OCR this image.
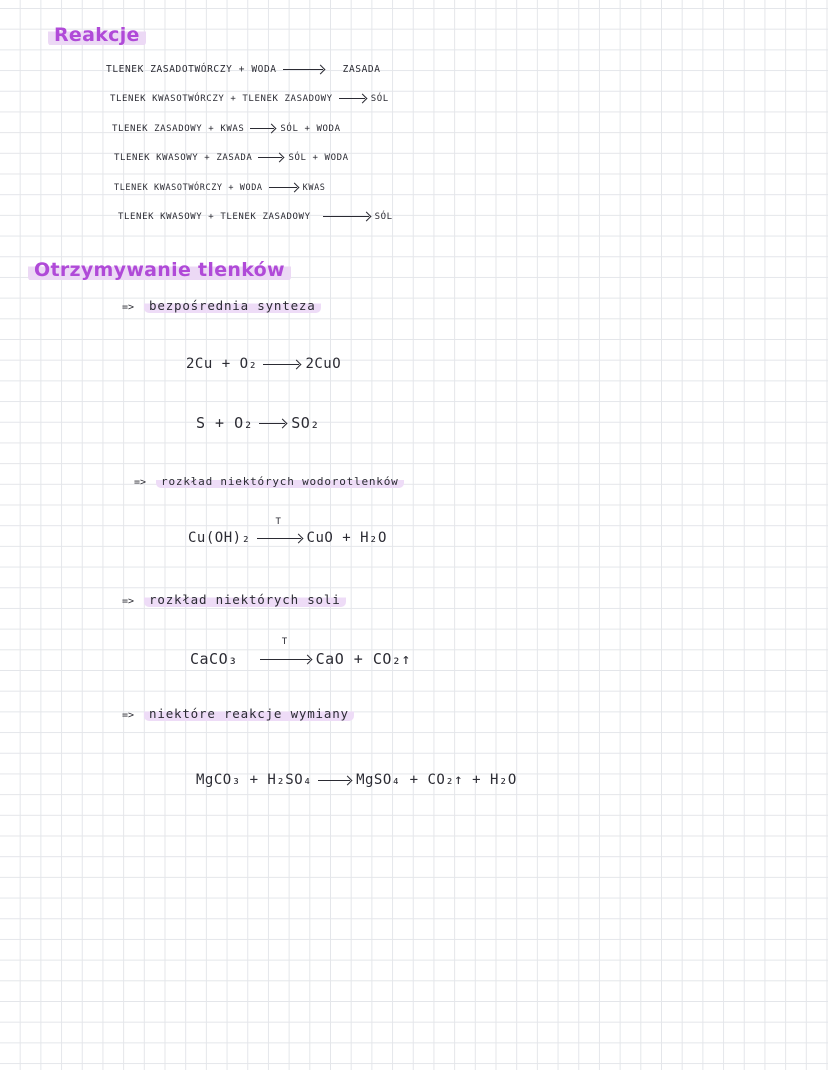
Reakcje
TLENEK ZASADOTWÓRCZY + WODA	ZASADA
TLENEK KWASOTWÓRCZY + TLENEK ZASADOWY	SÓL
TLENEK ZASADOWY + KWAS	SÓL + WODA
TLENEK KWASOWY + ZASADA	SÓL + WODA
TLENEK KWASOTWÓRCZY + WODA	KWAS
TLENEK KWASOWY + TLENEK ZASADOWY	SÓL
Otrzymywanie tlenków
=> bezpośrednia synteza
2Cu + O₂	2CuO
S + O₂	SO₂
=> rozkład niektórych wodorotlenków
Cu(OH)₂
T
CuO + H₂O
=> rozkład niektórych soli
CaCO₃
T
CaO + CO₂↑
=> niektóre reakcje wymiany
MgCO₃ + H₂SO₄	MgSO₄ + CO₂↑ + H₂O
